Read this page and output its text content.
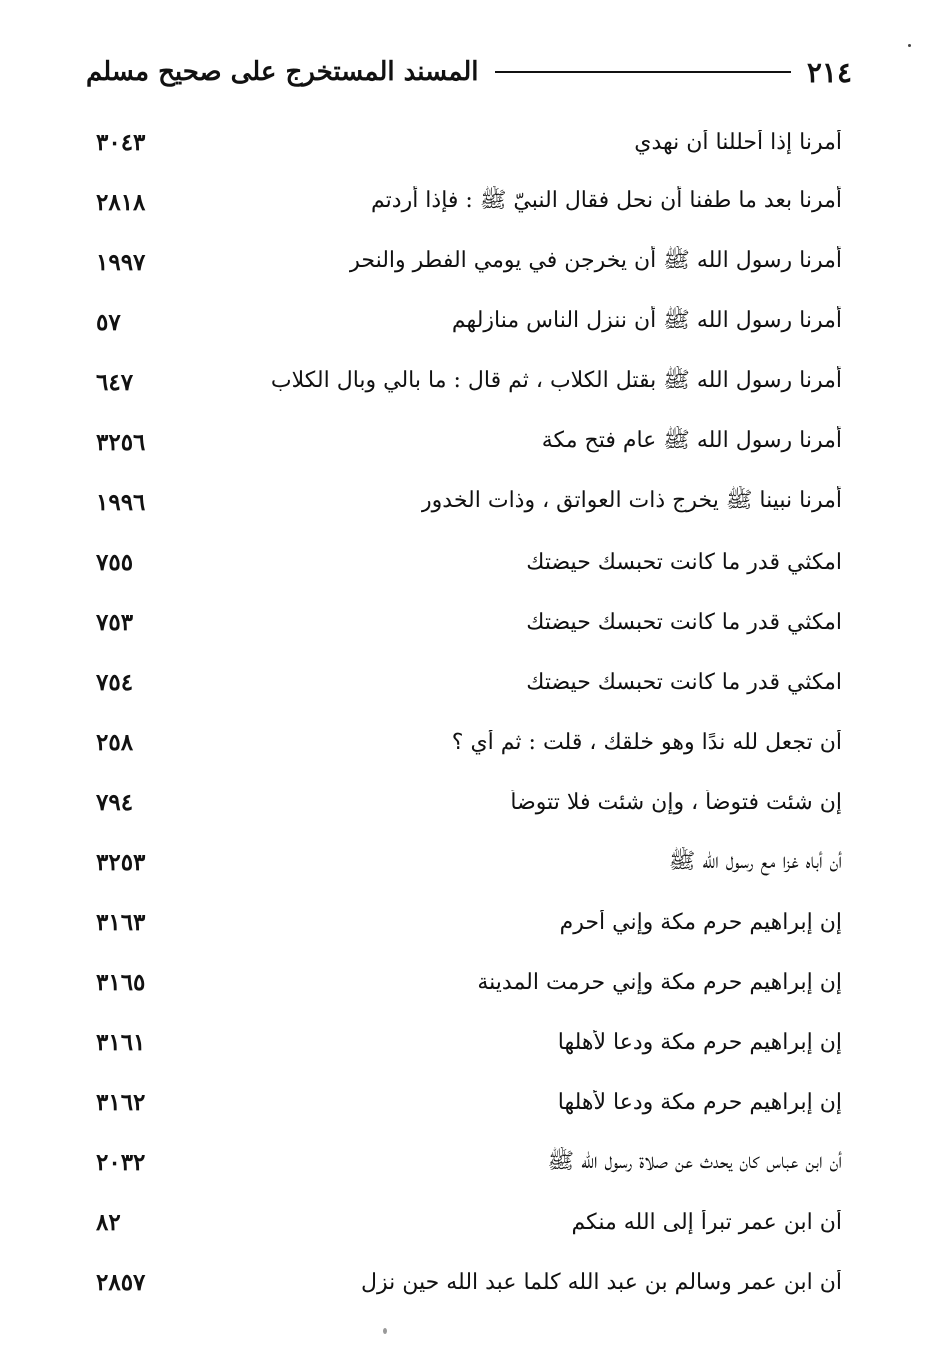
٢١٤
المسند المستخرج على صحيح مسلم
أمرنا إذا أحللنا أن نهدي
٣٠٤٣
أمرنا بعد ما طفنا أن نحل فقال النبيّ ﷺ : فإذا أردتم
٢٨١٨
أمرنا رسول الله ﷺ أن يخرجن في يومي الفطر والنحر
١٩٩٧
أمرنا رسول الله ﷺ أن ننزل الناس منازلهم
٥٧
أمرنا رسول الله ﷺ بقتل الكلاب ، ثم قال : ما بالي وبال الكلاب
٦٤٧
أمرنا رسول الله ﷺ عام فتح مكة
٣٢٥٦
أمرنا نبينا ﷺ يخرج ذات العواتق ، وذات الخدور
١٩٩٦
امكثي قدر ما كانت تحبسك حيضتك
٧٥٥
امكثي قدر ما كانت تحبسك حيضتك
٧٥٣
امكثي قدر ما كانت تحبسك حيضتك
٧٥٤
أن تجعل لله ندًا وهو خلقك ، قلت : ثم أي ؟
٢٥٨
إن شئت فتوضأ ، وإن شئت فلا تتوضأ
٧٩٤
أن أباه غزا مع رسول الله ﷺ
٣٢٥٣
إن إبراهيم حرم مكة وإني أحرم
٣١٦٣
إن إبراهيم حرم مكة وإني حرمت المدينة
٣١٦٥
إن إبراهيم حرم مكة ودعا لأهلها
٣١٦١
إن إبراهيم حرم مكة ودعا لأهلها
٣١٦٢
أن ابن عباس كان يحدث عن صلاة رسول الله ﷺ
٢٠٣٢
أن ابن عمر تبرأ إلى الله منكم
٨٢
أن ابن عمر وسالم بن عبد الله كلما عبد الله حين نزل
٢٨٥٧
